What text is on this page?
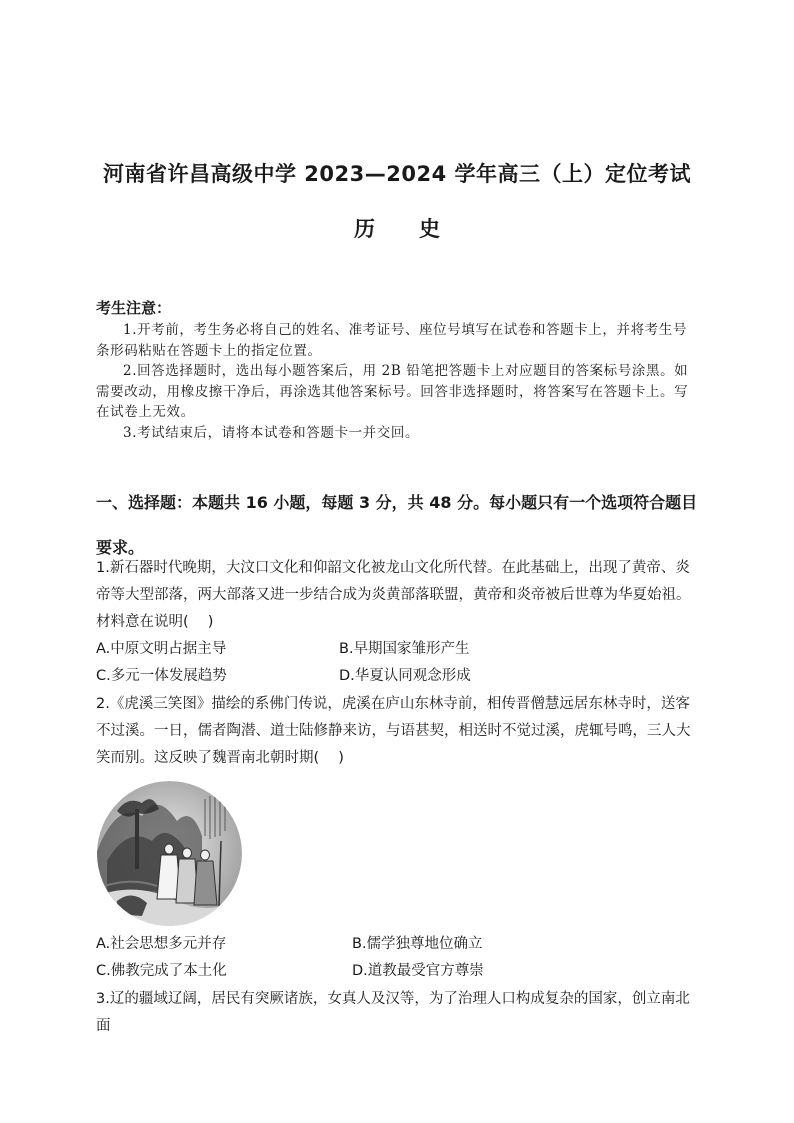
河南省许昌高级中学 2023—2024 学年高三（上）定位考试
历 史
考生注意：

1.开考前，考生务必将自己的姓名、准考证号、座位号填写在试卷和答题卡上，并将考生号条形码粘贴在答题卡上的指定位置。

2.回答选择题时，选出每小题答案后，用 2B 铅笔把答题卡上对应题目的答案标号涂黑。如需要改动，用橡皮擦干净后，再涂选其他答案标号。回答非选择题时，将答案写在答题卡上。写在试卷上无效。

3.考试结束后，请将本试卷和答题卡一并交回。

一、选择题：本题共 16 小题，每题 3 分，共 48 分。每小题只有一个选项符合题目要求。

1.新石器时代晚期，大汶口文化和仰韶文化被龙山文化所代替。在此基础上，出现了黄帝、炎帝等大型部落，两大部落又进一步结合成为炎黄部落联盟，黄帝和炎帝被后世尊为华夏始祖。材料意在说明(　 )

A.中原文明占据主导	B.早期国家雏形产生
C.多元一体发展趋势	D.华夏认同观念形成

2.《虎溪三笑图》描绘的系佛门传说，虎溪在庐山东林寺前，相传晋僧慧远居东林寺时，送客不过溪。一日，儒者陶潜、道士陆修静来访，与语甚契，相送时不觉过溪，虎辄号鸣，三人大笑而别。这反映了魏晋南北朝时期(　 )

A.社会思想多元并存	B.儒学独尊地位确立
C.佛教完成了本土化	D.道教最受官方尊崇

3.辽的疆域辽阔，居民有突厥诸族，女真人及汉等，为了治理人口构成复杂的国家，创立南北面
